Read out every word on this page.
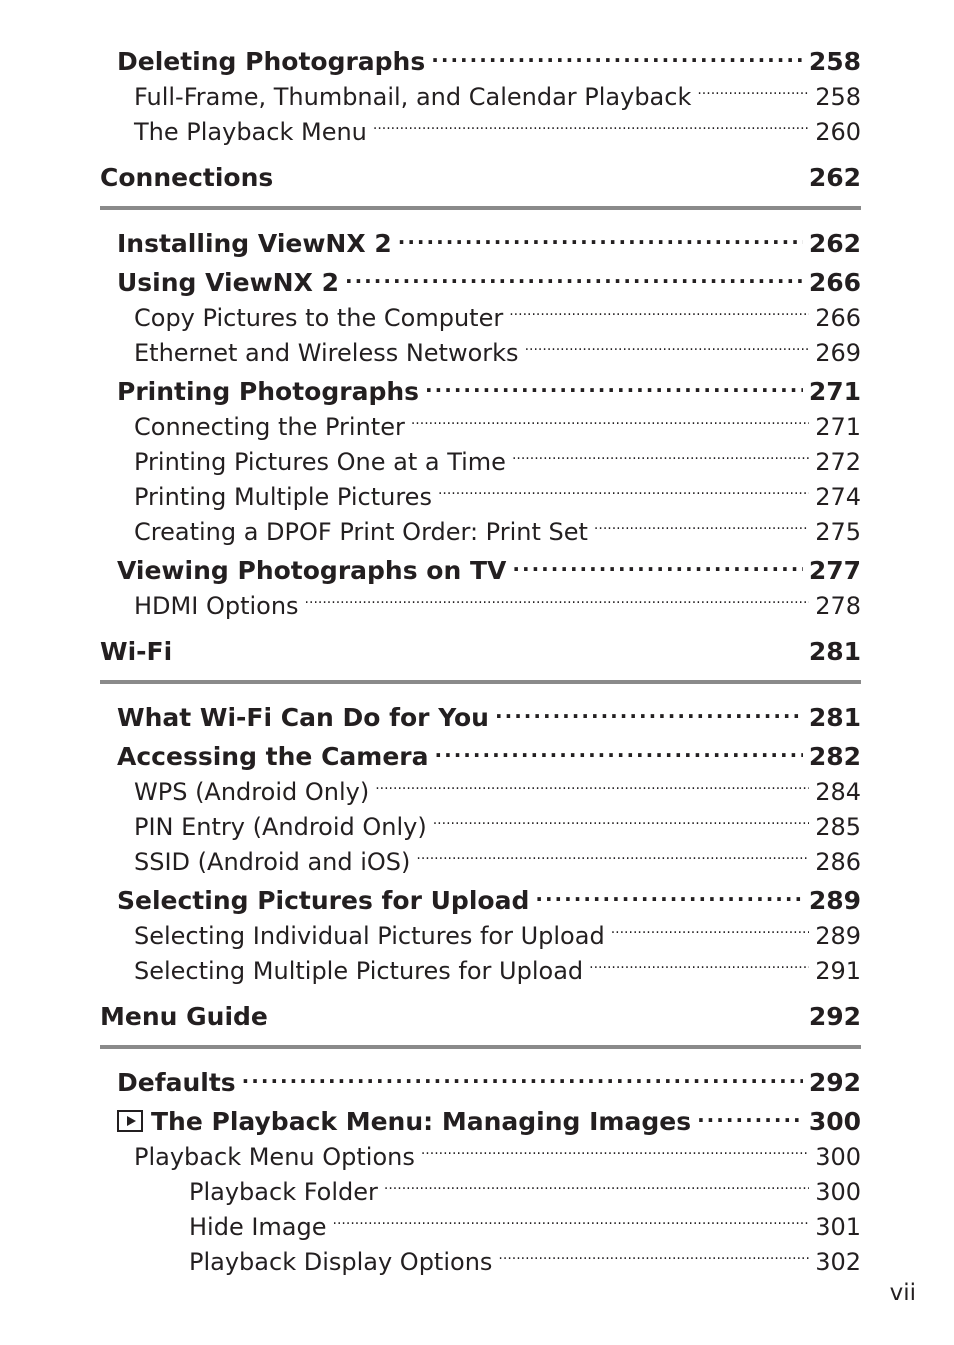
Deleting Photographs .....	258
Full-Frame, Thumbnail, and Calendar Playback .....	258
The Playback Menu .....	260
Connections	262
Installing ViewNX 2 .....	262
Using ViewNX 2 .....	266
Copy Pictures to the Computer .....	266
Ethernet and Wireless Networks .....	269
Printing Photographs .....	271
Connecting the Printer .....	271
Printing Pictures One at a Time .....	272
Printing Multiple Pictures .....	274
Creating a DPOF Print Order: Print Set .....	275
Viewing Photographs on TV .....	277
HDMI Options .....	278
Wi-Fi	281
What Wi-Fi Can Do for You .....	281
Accessing the Camera .....	282
WPS (Android Only) .....	284
PIN Entry (Android Only) .....	285
SSID (Android and iOS) .....	286
Selecting Pictures for Upload .....	289
Selecting Individual Pictures for Upload .....	289
Selecting Multiple Pictures for Upload .....	291
Menu Guide	292
Defaults .....	292
The Playback Menu: Managing Images .....	300
Playback Menu Options .....	300
Playback Folder .....	300
Hide Image .....	301
Playback Display Options .....	302
vii
